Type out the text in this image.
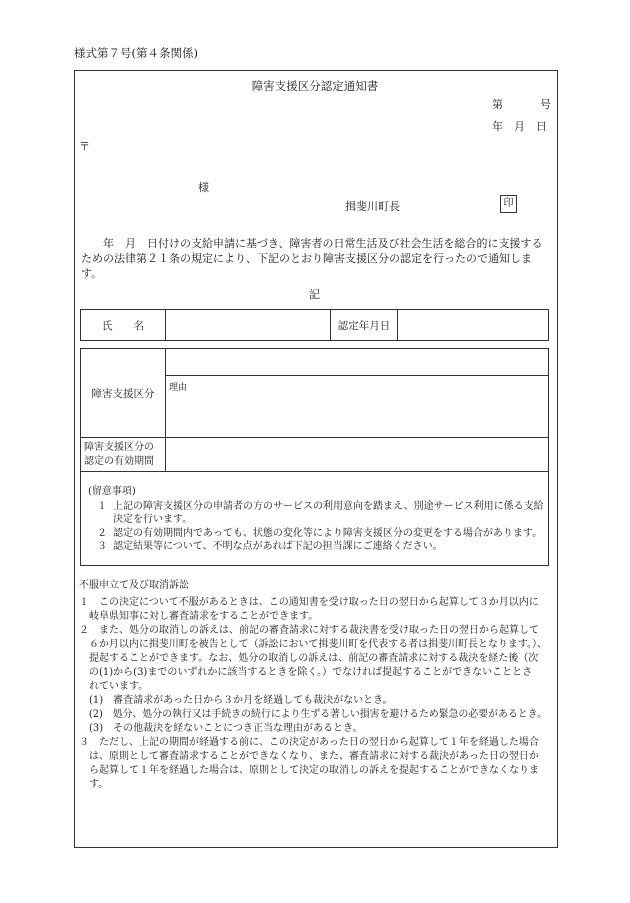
様式第７号(第４条関係)
障害支援区分認定通知書
第	号
年　月　日
〒
様
揖斐川町長	印
　　年　月　日付けの支給申請に基づき、障害者の日常生活及び社会生活を総合的に支援するための法律第２１条の規定により、下記のとおり障害支援区分の認定を行ったので通知します。
記
氏　　名		認定年月日	
障害支援区分	
	理由

障害支援区分の
認定の有効期間	

(留意事項)
１ 上記の障害支援区分の申請者の方のサービスの利用意向を踏まえ、別途サービス利用に係る支給
決定を行います。
２ 認定の有効期間内であっても、状態の変化等により障害支援区分の変更をする場合があります。
３ 認定結果等について、不明な点があれば下記の担当課にご連絡ください。
不服申立て及び取消訴訟
１　この決定について不服があるときは、この通知書を受け取った日の翌日から起算して３か月以内に
　岐阜県知事に対し審査請求をすることができます。
２　また、処分の取消しの訴えは、前記の審査請求に対する裁決書を受け取った日の翌日から起算して
　６か月以内に揖斐川町を被告として（訴訟において揖斐川町を代表する者は揖斐川町長となります。）、
　提起することができます。なお、処分の取消しの訴えは、前記の審査請求に対する裁決を経た後（次
　の(1)から(3)までのいずれかに該当するときを除く。）でなければ提起することができないこととさ
　れています。
　(1)　審査請求があった日から３か月を経過しても裁決がないとき。
　(2)　処分、処分の執行又は手続きの続行により生ずる著しい損害を避けるため緊急の必要があるとき。
　(3)　その他裁決を経ないことにつき正当な理由があるとき。
３　ただし、上記の期間が経過する前に、この決定があった日の翌日から起算して１年を経過した場合
　は、原則として審査請求することができなくなり、また、審査請求に対する裁決があった日の翌日か
　ら起算して１年を経過した場合は、原則として決定の取消しの訴えを提起することができなくなりま
　す。
